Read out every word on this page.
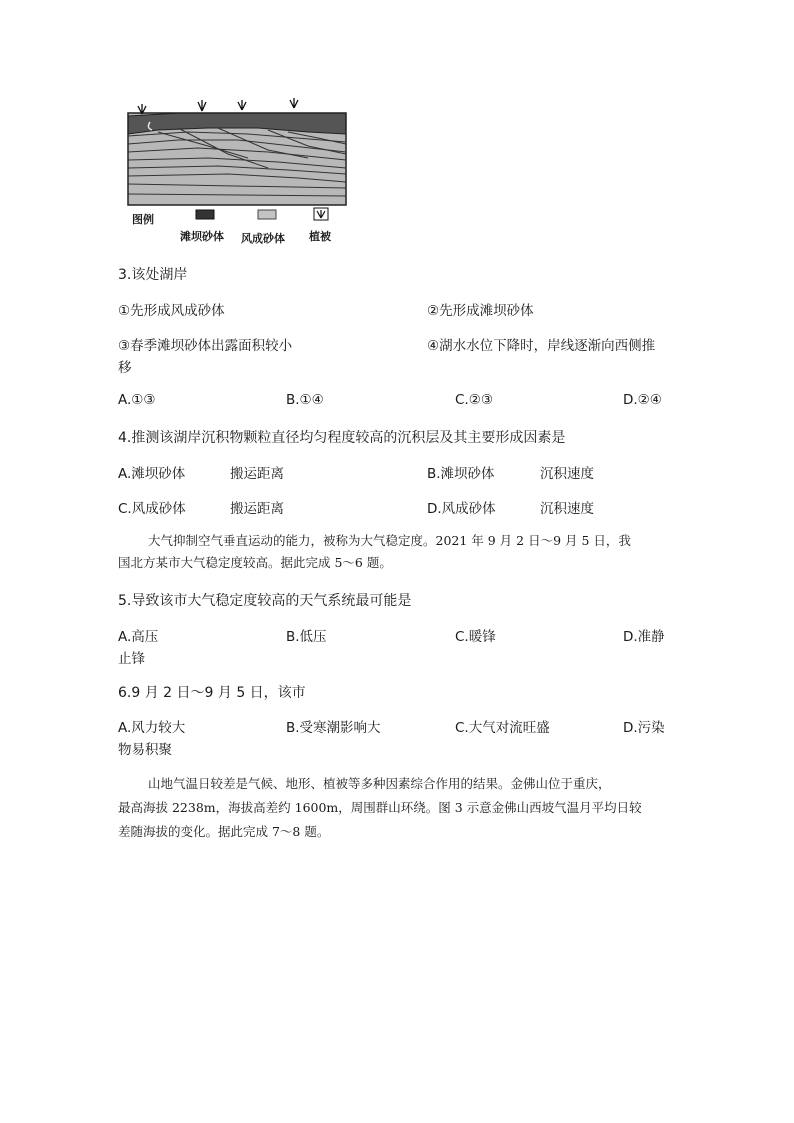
图例
滩坝砂体 风成砂体 植被
3.该处湖岸
①先形成风成砂体	②先形成滩坝砂体
③春季滩坝砂体出露面积较小	④湖水水位下降时，岸线逐渐向西侧推
移
A.①③	B.①④	C.②③	D.②④
4.推测该湖岸沉积物颗粒直径均匀程度较高的沉积层及其主要形成因素是
A.滩坝砂体	搬运距离	B.滩坝砂体	沉积速度
C.风成砂体	搬运距离	D.风成砂体	沉积速度
大气抑制空气垂直运动的能力，被称为大气稳定度。2021 年 9 月 2 日～9 月 5 日，我
国北方某市大气稳定度较高。据此完成 5～6 题。
5.导致该市大气稳定度较高的天气系统最可能是
A.高压	B.低压	C.暖锋	D.准静
止锋
6.9 月 2 日～9 月 5 日，该市
A.风力较大	B.受寒潮影响大	C.大气对流旺盛	D.污染
物易积聚
山地气温日较差是气候、地形、植被等多种因素综合作用的结果。金佛山位于重庆，
最高海拔 2238m，海拔高差约 1600m，周围群山环绕。图 3 示意金佛山西坡气温月平均日较
差随海拔的变化。据此完成 7～8 题。
